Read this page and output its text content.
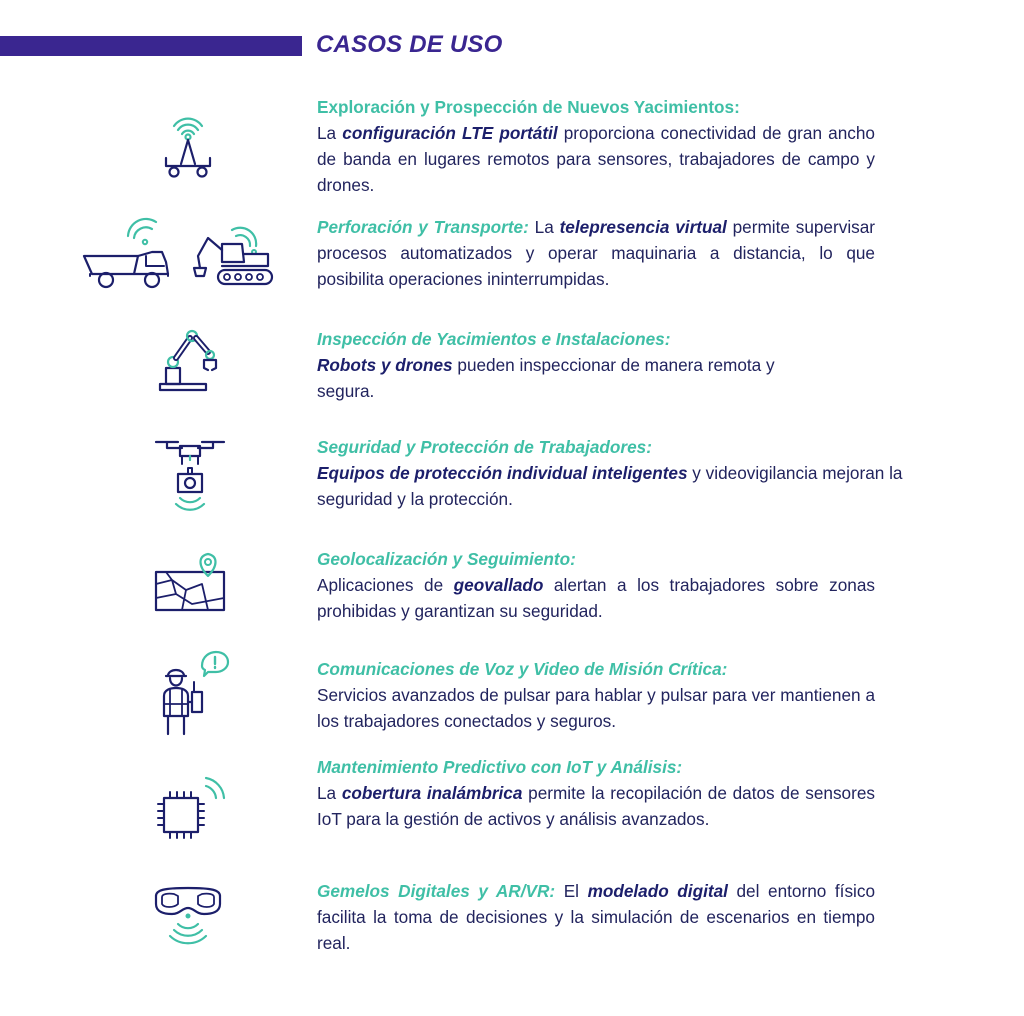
CASOS DE USO
Exploración y Prospección de Nuevos Yacimientos:
La configuración LTE portátil proporciona conectividad de gran ancho de banda en lugares remotos para sensores, trabajadores de campo y drones.
Perforación y Transporte: La telepresencia virtual permite supervisar procesos automatizados y operar maquinaria a distancia, lo que posibilita operaciones ininterrumpidas.
Inspección de Yacimientos e Instalaciones:
Robots y drones pueden inspeccionar de manera remota y segura.
Seguridad y Protección de Trabajadores:
Equipos de protección individual inteligentes y videovigilancia mejoran la seguridad y la protección.
Geolocalización y Seguimiento:
Aplicaciones de geovallado alertan a los trabajadores sobre zonas prohibidas y garantizan su seguridad.
Comunicaciones de Voz y Video de Misión Crítica:
Servicios avanzados de pulsar para hablar y pulsar para ver mantienen a los trabajadores conectados y seguros.
Mantenimiento Predictivo con IoT y Análisis:
La cobertura inalámbrica permite la recopilación de datos de sensores IoT para la gestión de activos y análisis avanzados.
Gemelos Digitales y AR/VR: El modelado digital del entorno físico facilita la toma de decisiones y la simulación de escenarios en tiempo real.
